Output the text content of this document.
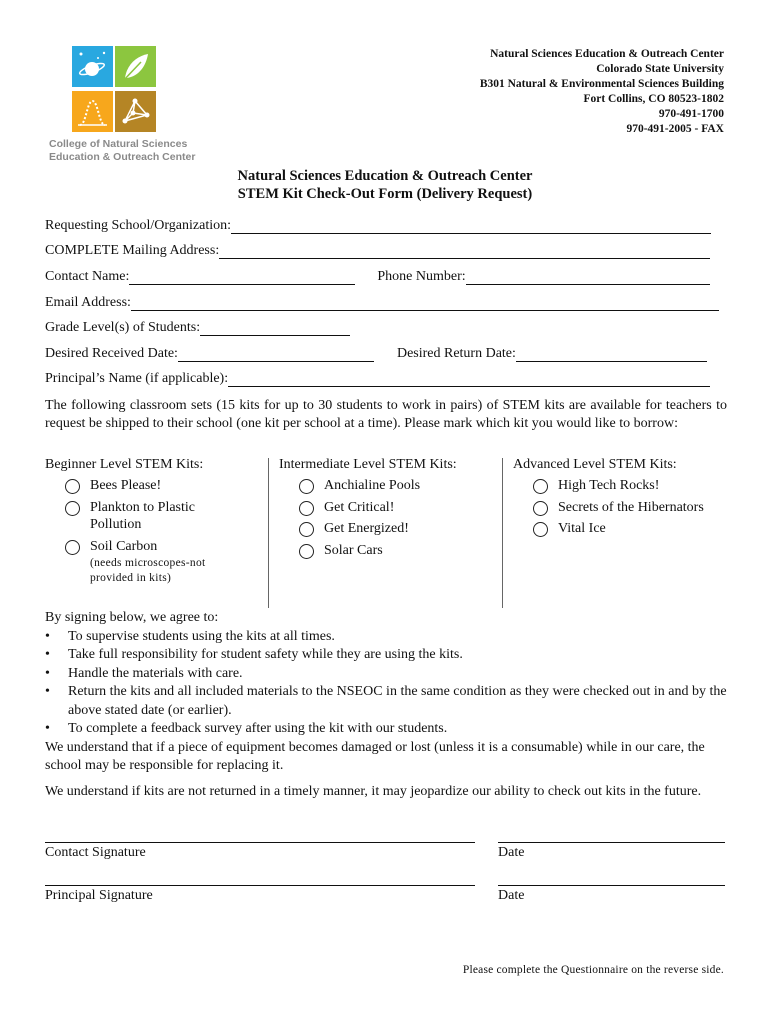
College of Natural Sciences
Education & Outreach Center
Natural Sciences Education & Outreach Center
Colorado State University
B301 Natural & Environmental Sciences Building
Fort Collins, CO 80523-1802
970-491-1700
970-491-2005 - FAX
Natural Sciences Education & Outreach Center
STEM Kit Check-Out Form (Delivery Request)
Requesting School/Organization:
COMPLETE Mailing Address:
Contact Name:	Phone Number:
Email Address:
Grade Level(s) of Students:
Desired Received Date:	Desired Return Date:
Principal’s Name (if applicable):
The following classroom sets (15 kits for up to 30 students to work in pairs) of STEM kits are available for teachers to request be shipped to their school (one kit per school at a time). Please mark which kit you would like to borrow:
Beginner Level STEM Kits:
Bees Please!
Plankton to Plastic Pollution
Soil Carbon
(needs microscopes-not provided in kits)
Intermediate Level STEM Kits:
Anchialine Pools
Get Critical!
Get Energized!
Solar Cars
Advanced Level STEM Kits:
High Tech Rocks!
Secrets of the Hibernators
Vital Ice
By signing below, we agree to:
•	To supervise students using the kits at all times.
•	Take full responsibility for student safety while they are using the kits.
•	Handle the materials with care.
•	Return the kits and all included materials to the NSEOC in the same condition as they were checked out in and by the above stated date (or earlier).
•	To complete a feedback survey after using the kit with our students.
We understand that if a piece of equipment becomes damaged or lost (unless it is a consumable) while in our care, the school may be responsible for replacing it.
We understand if kits are not returned in a timely manner, it may jeopardize our ability to check out kits in the future.
Contact Signature	Date
Principal Signature	Date
Please complete the Questionnaire on the reverse side.
